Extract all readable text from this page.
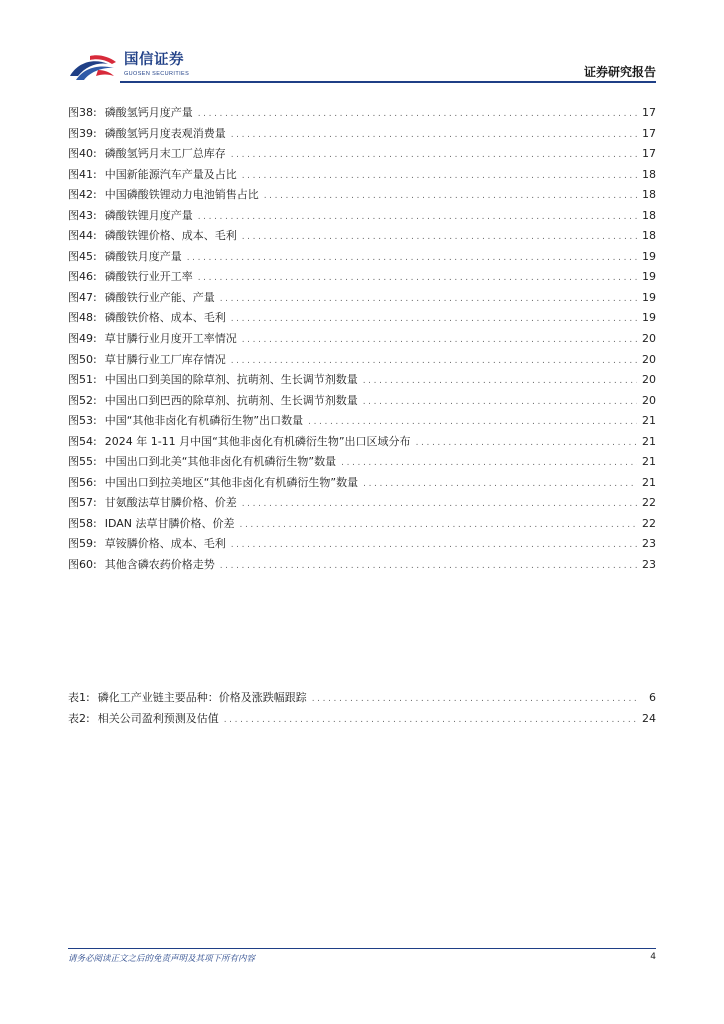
国信证券
GUOSEN SECURITIES	证券研究报告
图38: 磷酸氢钙月度产量 .....	17
图39: 磷酸氢钙月度表观消费量 .....	17
图40: 磷酸氢钙月末工厂总库存 .....	17
图41: 中国新能源汽车产量及占比 .....	18
图42: 中国磷酸铁锂动力电池销售占比 .....	18
图43: 磷酸铁锂月度产量 .....	18
图44: 磷酸铁锂价格、成本、毛利 .....	18
图45: 磷酸铁月度产量 .....	19
图46: 磷酸铁行业开工率 .....	19
图47: 磷酸铁行业产能、产量 .....	19
图48: 磷酸铁价格、成本、毛利 .....	19
图49: 草甘膦行业月度开工率情况 .....	20
图50: 草甘膦行业工厂库存情况 .....	20
图51: 中国出口到美国的除草剂、抗萌剂、生长调节剂数量 .....	20
图52: 中国出口到巴西的除草剂、抗萌剂、生长调节剂数量 .....	20
图53: 中国“其他非卤化有机磷衍生物”出口数量 .....	21
图54: 2024 年 1-11 月中国“其他非卤化有机磷衍生物”出口区域分布 .....	21
图55: 中国出口到北美“其他非卤化有机磷衍生物”数量 .....	21
图56: 中国出口到拉美地区“其他非卤化有机磷衍生物”数量 .....	21
图57: 甘氨酸法草甘膦价格、价差 .....	22
图58: IDAN 法草甘膦价格、价差 .....	22
图59: 草铵膦价格、成本、毛利 .....	23
图60: 其他含磷农药价格走势 .....	23
表1: 磷化工产业链主要品种：价格及涨跌幅跟踪 .....	6
表2: 相关公司盈利预测及估值 .....	24
请务必阅读正文之后的免责声明及其项下所有内容	4
